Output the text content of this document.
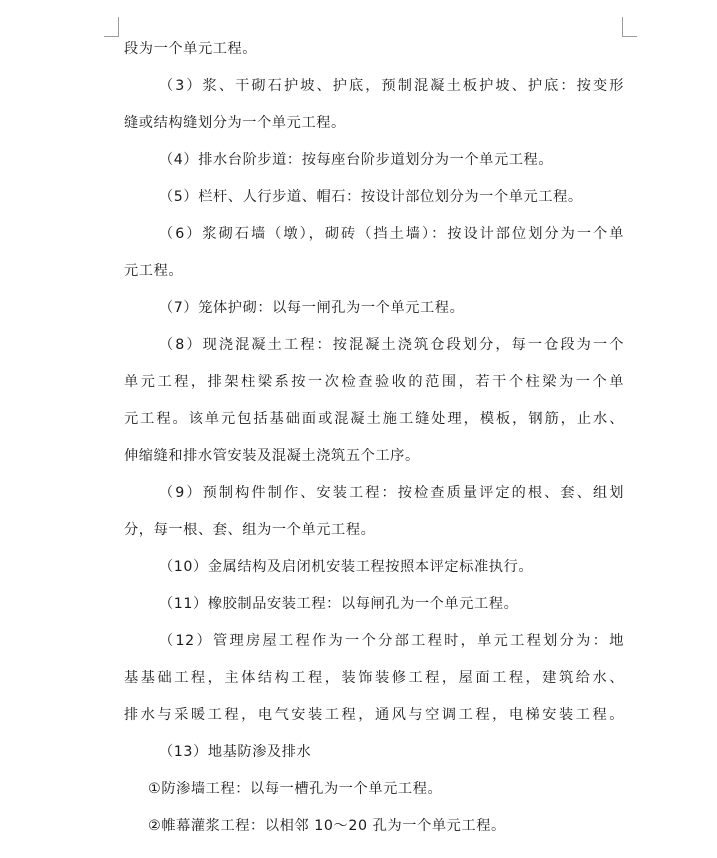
段为一个单元工程。
（3）浆、干砌石护坡、护底，预制混凝土板护坡、护底：按变形
缝或结构缝划分为一个单元工程。
（4）排水台阶步道：按每座台阶步道划分为一个单元工程。
（5）栏杆、人行步道、帽石：按设计部位划分为一个单元工程。
（6）浆砌石墙（墩），砌砖（挡土墙）：按设计部位划分为一个单
元工程。
（7）笼体护砌：以每一闸孔为一个单元工程。
（8）现浇混凝土工程：按混凝土浇筑仓段划分，每一仓段为一个
单元工程，排架柱梁系按一次检查验收的范围，若干个柱梁为一个单
元工程。该单元包括基础面或混凝土施工缝处理，模板，钢筋，止水、
伸缩缝和排水管安装及混凝土浇筑五个工序。
（9）预制构件制作、安装工程：按检查质量评定的根、套、组划
分，每一根、套、组为一个单元工程。
（10）金属结构及启闭机安装工程按照本评定标准执行。
（11）橡胶制品安装工程：以每闸孔为一个单元工程。
（12）管理房屋工程作为一个分部工程时，单元工程划分为：地
基基础工程，主体结构工程，装饰装修工程，屋面工程，建筑给水、
排水与采暖工程，电气安装工程，通风与空调工程，电梯安装工程。
（13）地基防渗及排水
①防渗墙工程：以每一槽孔为一个单元工程。
②帷幕灌浆工程：以相邻 10～20 孔为一个单元工程。
